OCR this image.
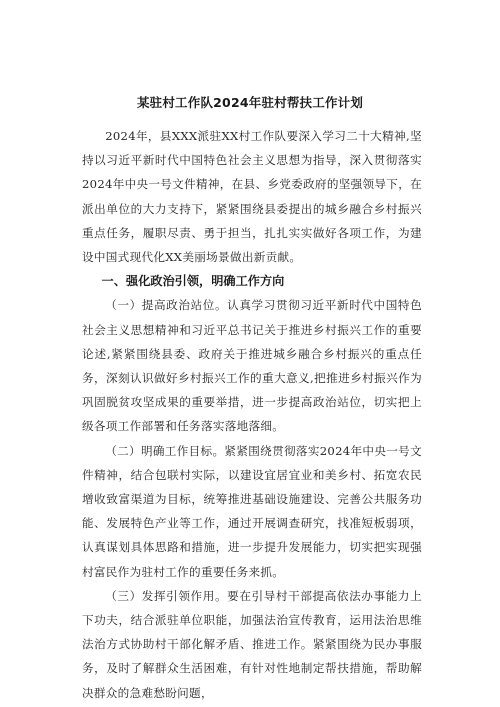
某驻村工作队2024年驻村帮扶工作计划

2024年，县XXX派驻XX村工作队要深入学习二十大精神,坚持以习近平新时代中国特色社会主义思想为指导，深入贯彻落实2024年中央一号文件精神，在县、乡党委政府的坚强领导下，在派出单位的大力支持下，紧紧围绕县委提出的城乡融合乡村振兴重点任务，履职尽责、勇于担当，扎扎实实做好各项工作，为建设中国式现代化XX美丽场景做出新贡献。

一、强化政治引领，明确工作方向

（一）提高政治站位。认真学习贯彻习近平新时代中国特色社会主义思想精神和习近平总书记关于推进乡村振兴工作的重要论述,紧紧围绕县委、政府关于推进城乡融合乡村振兴的重点任务，深刻认识做好乡村振兴工作的重大意义,把推进乡村振兴作为巩固脱贫攻坚成果的重要举措，进一步提高政治站位，切实把上级各项工作部署和任务落实落地落细。

（二）明确工作目标。紧紧围绕贯彻落实2024年中央一号文件精神，结合包联村实际，以建设宜居宜业和美乡村、拓宽农民增收致富渠道为目标，统筹推进基础设施建设、完善公共服务功能、发展特色产业等工作，通过开展调查研究，找准短板弱项，认真谋划具体思路和措施，进一步提升发展能力，切实把实现强村富民作为驻村工作的重要任务来抓。

（三）发挥引领作用。要在引导村干部提高依法办事能力上下功夫，结合派驻单位职能，加强法治宣传教育，运用法治思维法治方式协助村干部化解矛盾、推进工作。紧紧围绕为民办事服务，及时了解群众生活困难，有针对性地制定帮扶措施，帮助解决群众的急难愁盼问题，
